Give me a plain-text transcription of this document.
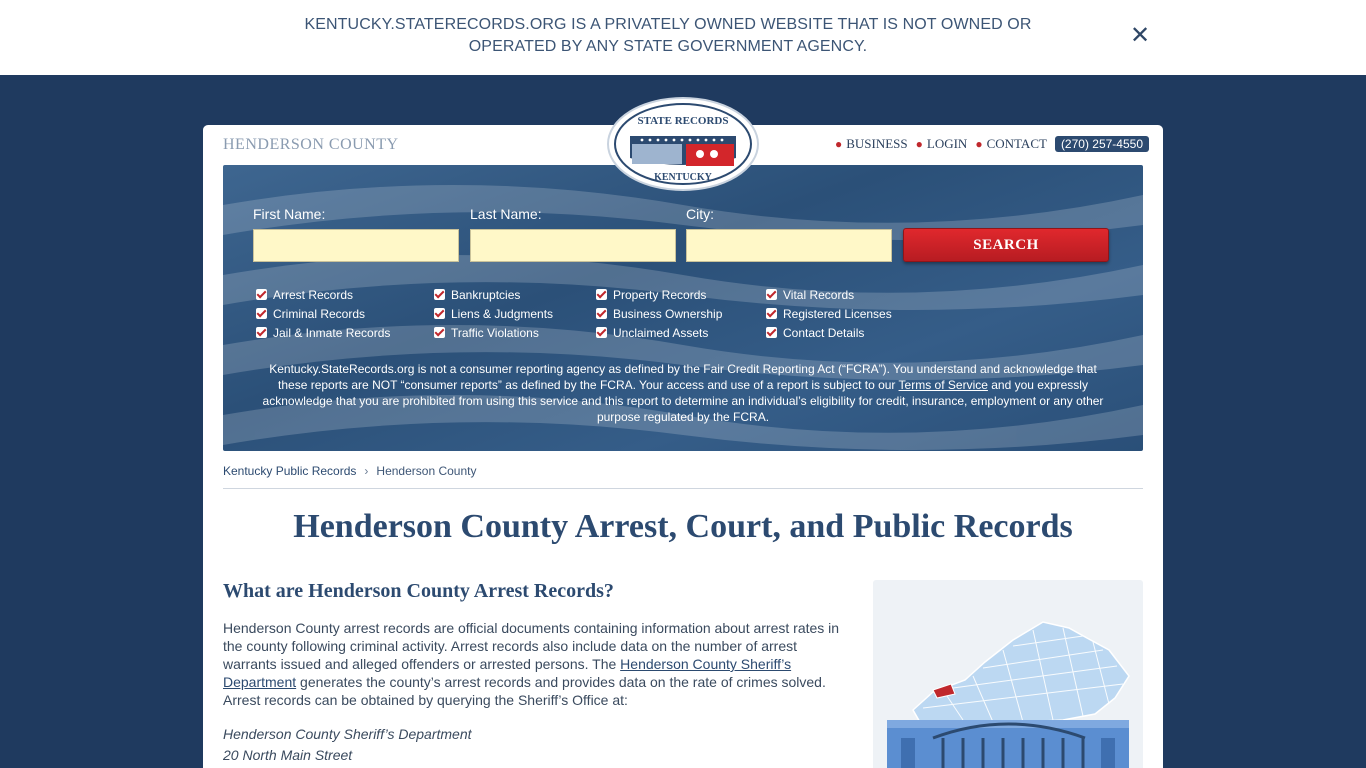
KENTUCKY.STATERECORDS.ORG IS A PRIVATELY OWNED WEBSITE THAT IS NOT OWNED OR
OPERATED BY ANY STATE GOVERNMENT AGENCY.	✕
HENDERSON COUNTY	● BUSINESS ● LOGIN ● CONTACT	(270) 257-4550
First Name:	Last Name:	City:
SEARCH
Arrest Records
Criminal Records
Jail & Inmate Records
Bankruptcies
Liens & Judgments
Traffic Violations
Property Records
Business Ownership
Unclaimed Assets
Vital Records
Registered Licenses
Contact Details
Kentucky.StateRecords.org is not a consumer reporting agency as defined by the Fair Credit Reporting Act (“FCRA”). You understand and acknowledge that these reports are NOT “consumer reports” as defined by the FCRA. Your access and use of a report is subject to our Terms of Service and you expressly acknowledge that you are prohibited from using this service and this report to determine an individual’s eligibility for credit, insurance, employment or any other purpose regulated by the FCRA.
Kentucky Public Records › Henderson County
Henderson County Arrest, Court, and Public Records
What are Henderson County Arrest Records?
Henderson County arrest records are official documents containing information about arrest rates in the county following criminal activity. Arrest records also include data on the number of arrest warrants issued and alleged offenders or arrested persons. The Henderson County Sheriff’s Department generates the county’s arrest records and provides data on the rate of crimes solved. Arrest records can be obtained by querying the Sheriff’s Office at:
Henderson County Sheriff’s Department
20 North Main Street
STATE RECORDS
KENTUCKY
